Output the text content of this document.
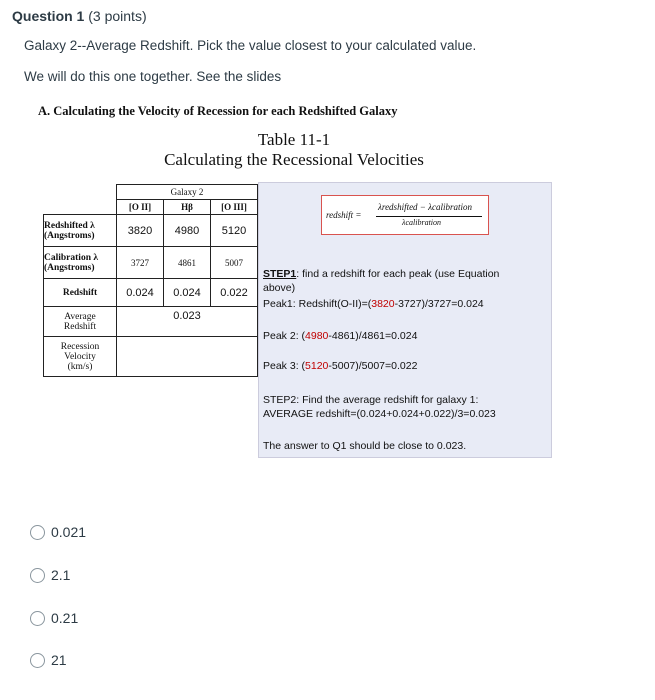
Question 1 (3 points)
Galaxy 2--Average Redshift. Pick the value closest to your calculated value.
We will do this one together. See the slides
A. Calculating the Velocity of Recession for each Redshifted Galaxy
Table 11-1
Calculating the Recessional Velocities
	Galaxy 2		
	[O II]	Hβ	[O III]

Redshifted λ
(Angstroms)	3820	4980	5120

Calibration λ
(Angstroms)	3727	4861	5007
Redshift	0.024	0.024	0.022

Average
Redshift	0.023		

Recession
Velocity
(km/s)			

redshift =
λredshifted − λcalibration
λcalibration
STEP1: find a redshift for each peak (use Equation
above)
Peak1: Redshift(O-II)=(3820-3727)/3727=0.024
Peak 2: (4980-4861)/4861=0.024
Peak 3: (5120-5007)/5007=0.022
STEP2: Find the average redshift for galaxy 1:
AVERAGE redshift=(0.024+0.024+0.022)/3=0.023
The answer to Q1 should be close to 0.023.
0.021
2.1
0.21
21
